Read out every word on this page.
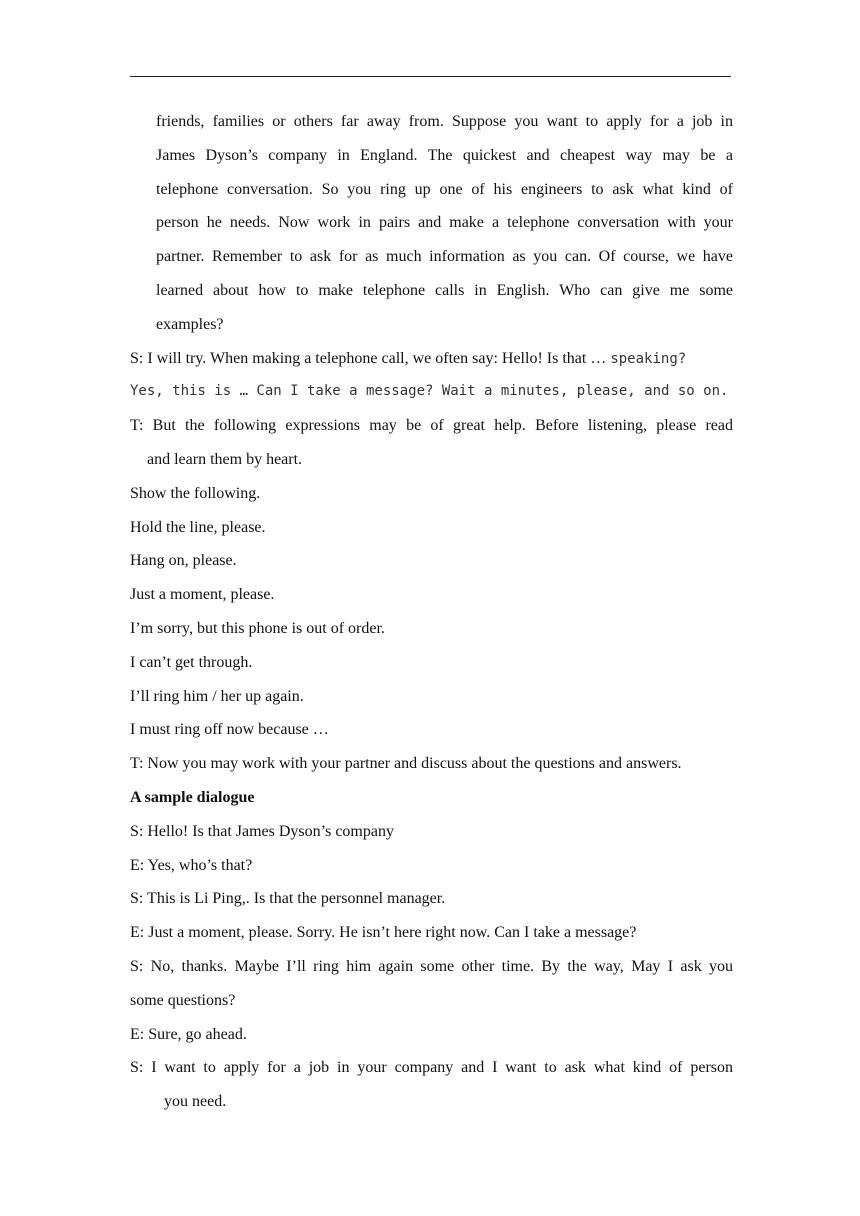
friends, families or others far away from. Suppose you want to apply for a job in
James Dyson’s company in England. The quickest and cheapest way may be a
telephone conversation. So you ring up one of his engineers to ask what kind of
person he needs. Now work in pairs and make a telephone conversation with your
partner. Remember to ask for as much information as you can. Of course, we have
learned about how to make telephone calls in English. Who can give me some
examples?
S: I will try. When making a telephone call, we often say: Hello! Is that … speaking?
Yes, this is … Can I take a message? Wait a minutes, please, and so on.
T: But the following expressions may be of great help. Before listening, please read
and learn them by heart.
Show the following.
Hold the line, please.
Hang on, please.
Just a moment, please.
I’m sorry, but this phone is out of order.
I can’t get through.
I’ll ring him / her up again.
I must ring off now because …
T: Now you may work with your partner and discuss about the questions and answers.
A sample dialogue
S: Hello! Is that James Dyson’s company
E: Yes, who’s that?
S: This is Li Ping,. Is that the personnel manager.
E: Just a moment, please. Sorry. He isn’t here right now. Can I take a message?
S: No, thanks. Maybe I’ll ring him again some other time. By the way, May I ask you
some questions?
E: Sure, go ahead.
S: I want to apply for a job in your company and I want to ask what kind of person
you need.
